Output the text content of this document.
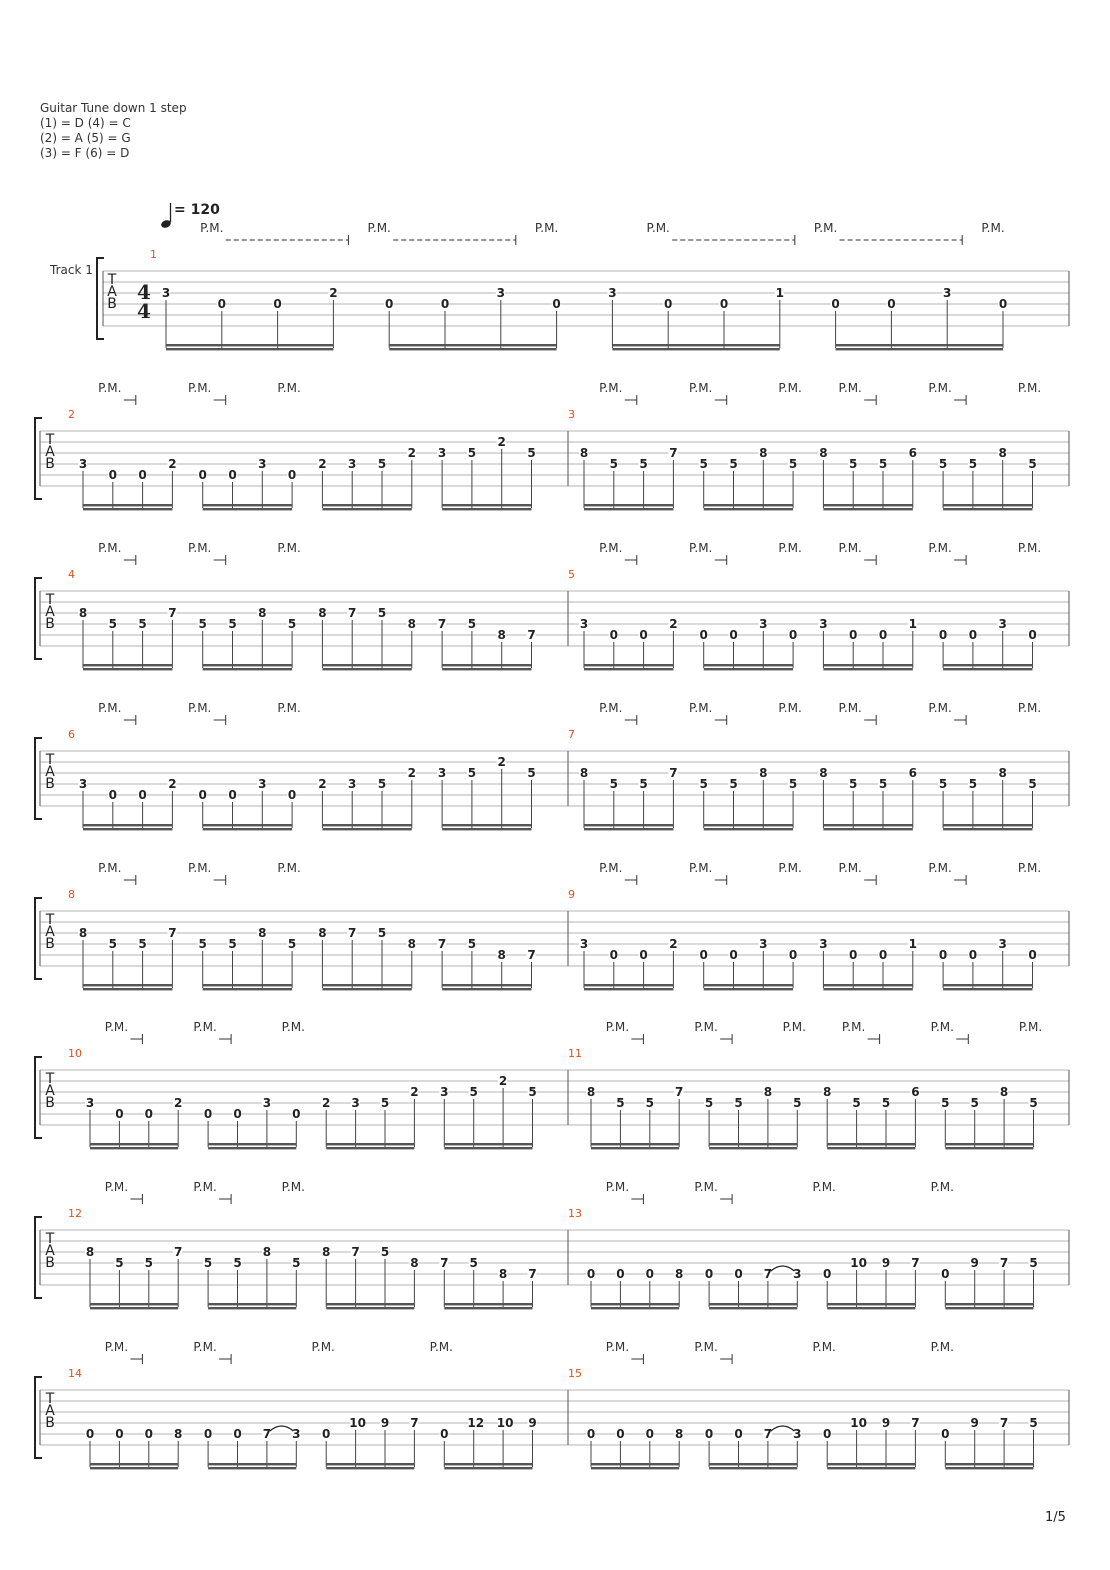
Guitar Tune down 1 step
(1) = D (4) = C
(2) = A (5) = G
(3) = F (6) = D
= 120
Track 1
T
A
B 4
4
1
3
0	0
2
0	0
3
0
3
0	0
1
0	0
3
0
P.M.	P.M.	P.M.	P.M.	P.M.	P.M.
T
A
B
2
3
0 0
2
0 0
3
0
2 3 5
2 3 5
2
5
P.M.	P.M.	P.M.
3
8
5 5
7
5 5
8
5
8
5 5
6
5 5
8
5
P.M.	P.M.	P.M.	P.M.	P.M.	P.M.
T
A
B
4
8
5 5
7
5 5
8
5
8 7 5
8 7 5
8 7
P.M.	P.M.	P.M.
5
3
0 0
2
0 0
3
0
3
0 0
1
0 0
3
0
P.M.	P.M.	P.M.	P.M.	P.M.	P.M.
T
A
B
6
3
0 0
2
0 0
3
0
2 3 5
2 3 5
2
5
P.M.	P.M.	P.M.
7
8
5 5
7
5 5
8
5
8
5 5
6
5 5
8
5
P.M.	P.M.	P.M.	P.M.	P.M.	P.M.
T
A
B
8
8
5 5
7
5 5
8
5
8 7 5
8 7 5
8 7
P.M.	P.M.	P.M.
9
3
0 0
2
0 0
3
0
3
0 0
1
0 0
3
0
P.M.	P.M.	P.M.	P.M.	P.M.	P.M.
T
A
B
10
3
0 0
2
0 0
3
0
2 3 5
2 3 5
2
5
P.M.	P.M.	P.M.
11
8
5 5
7
5 5
8
5
8
5 5
6
5 5
8
5
P.M.	P.M.	P.M.	P.M.	P.M.	P.M.
T
A
B
12
8
5 5
7
5 5
8
5
8 7 5
8 7 5
8 7
P.M.	P.M.	P.M.
13
0 0 0 8 0 0 7 3 0
10 9 7
0
9 7 5
P.M.	P.M.	P.M.	P.M.
T
A
B
14
0 0 0 8 0 0 7 3 0
10 9 7
0
12 10 9
P.M.	P.M.	P.M.	P.M.
15
0 0 0 8 0 0 7 3 0
10 9 7
0
9 7 5
P.M.	P.M.	P.M.	P.M.
1/5
